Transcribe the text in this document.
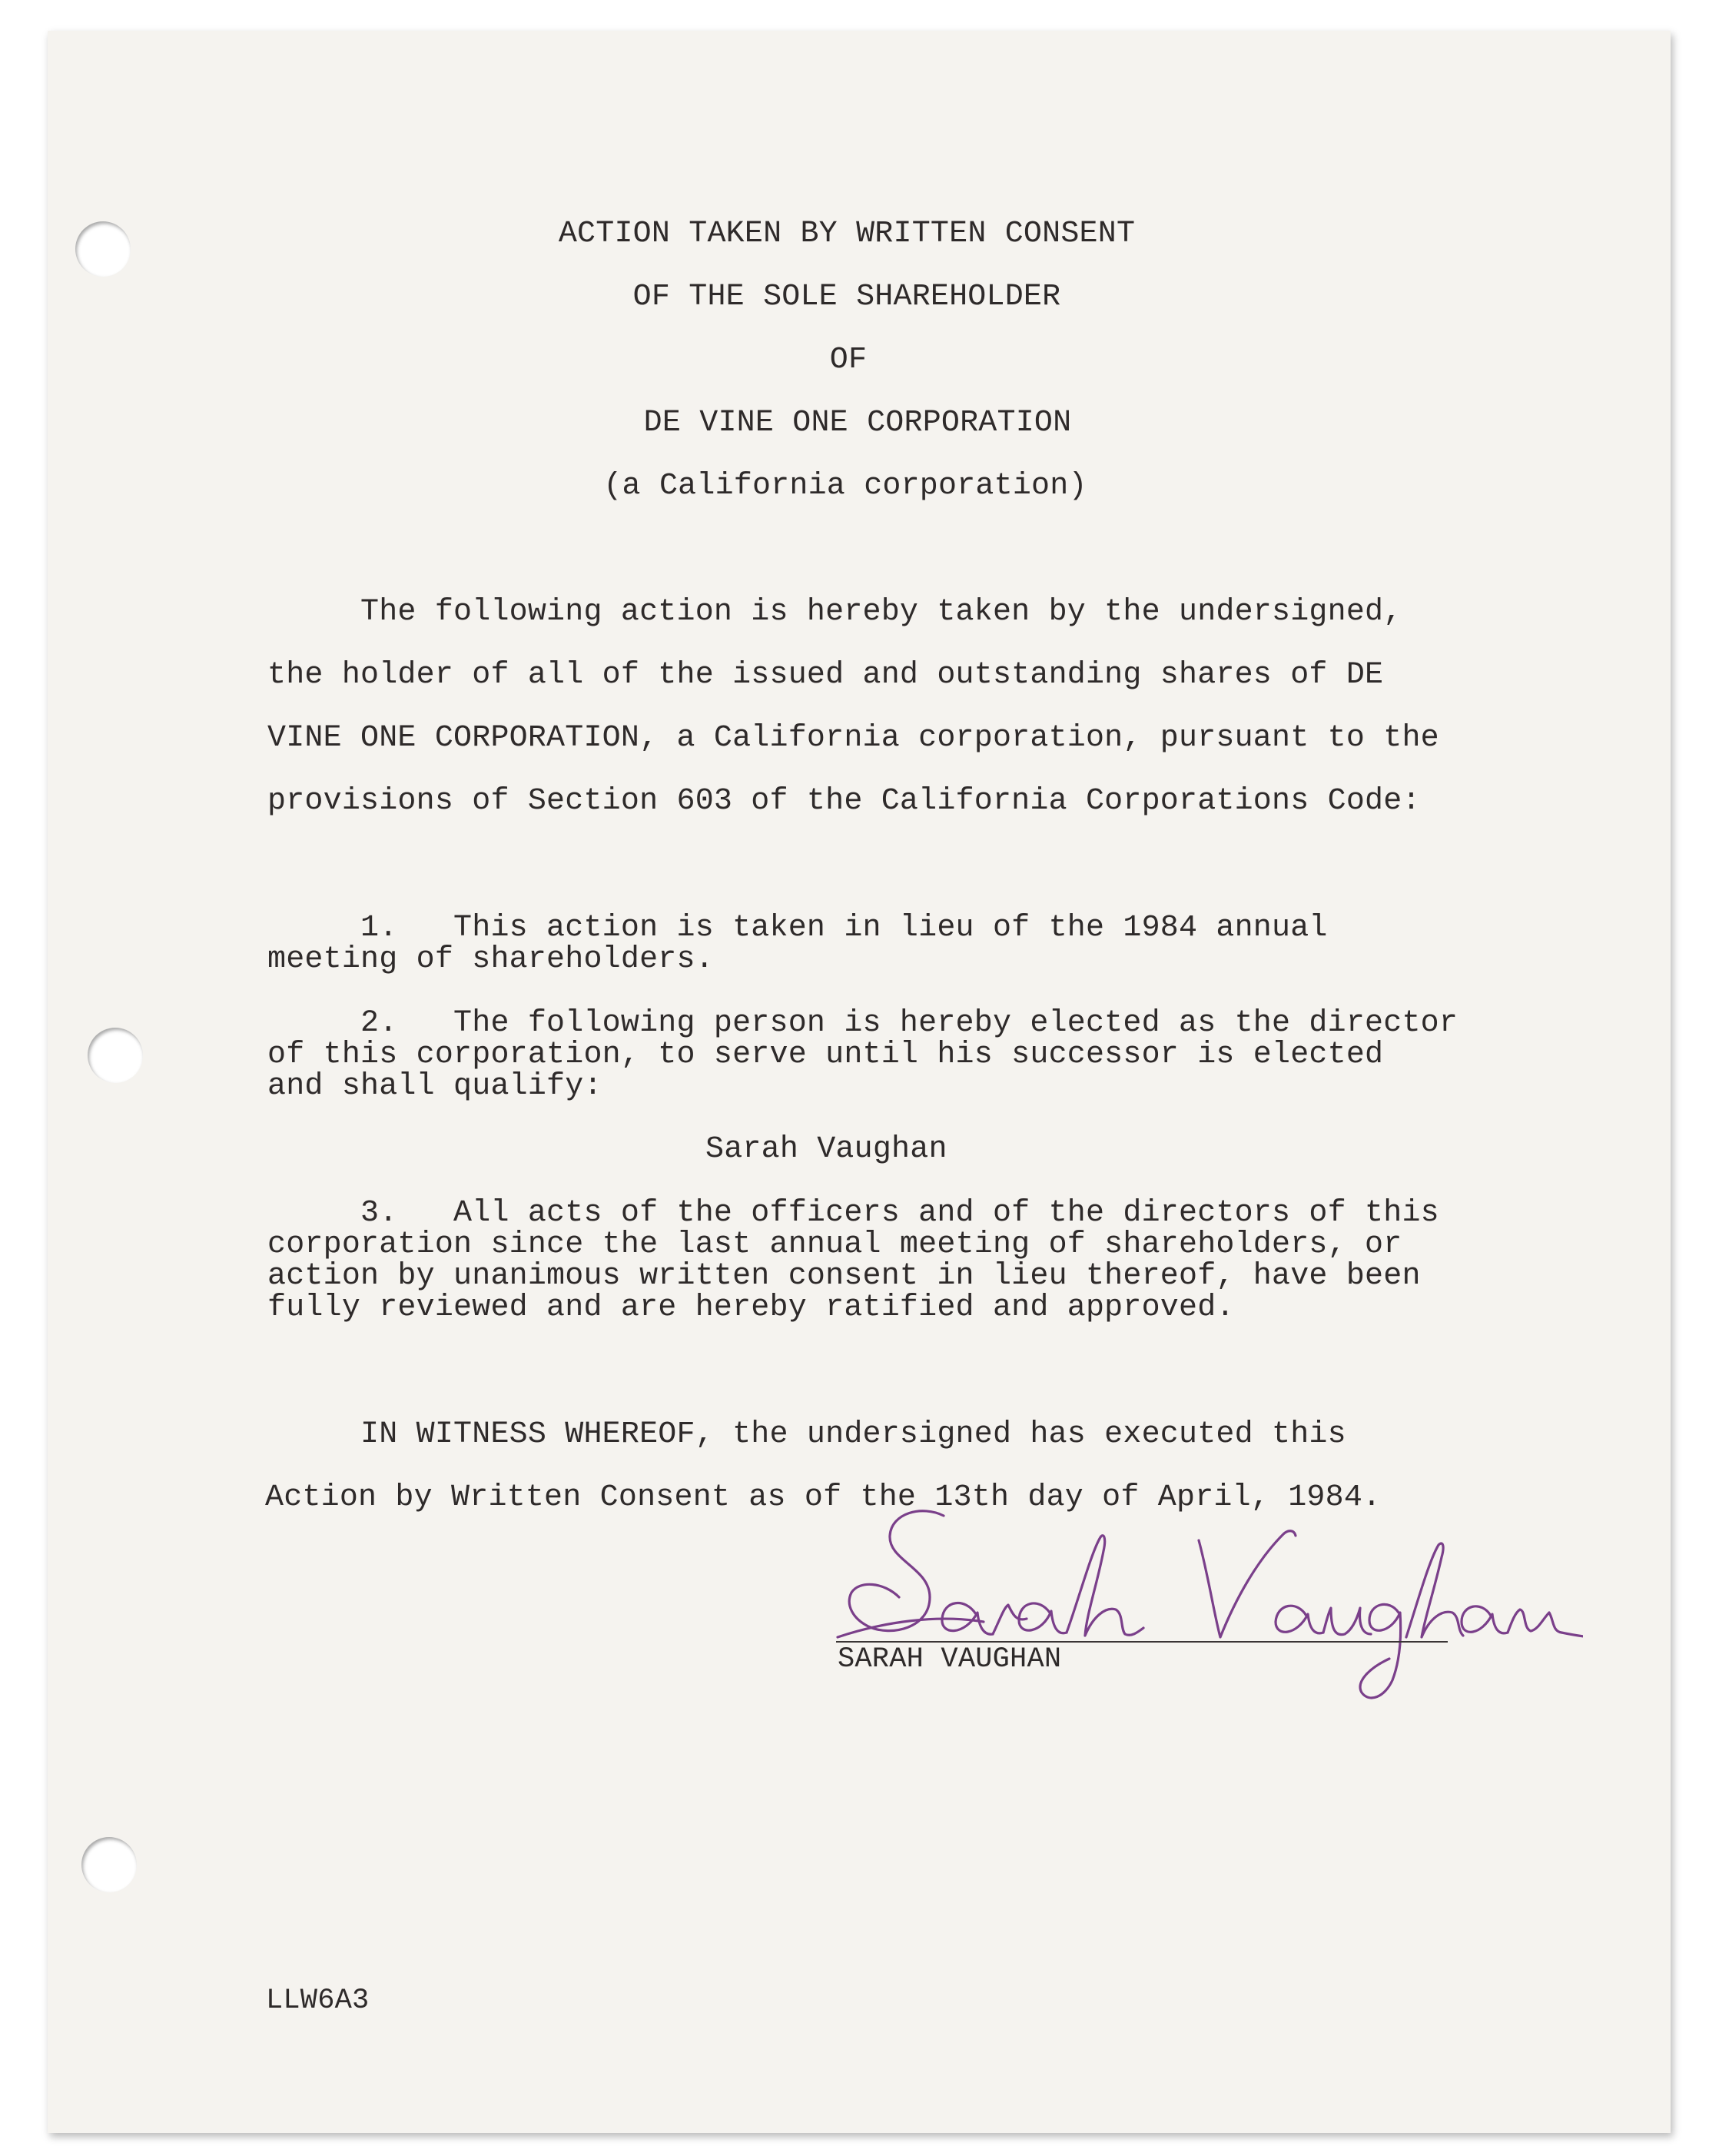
ACTION TAKEN BY WRITTEN CONSENT

OF THE SOLE SHAREHOLDER

OF

DE VINE ONE CORPORATION

(a California corporation)

The following action is hereby taken by the undersigned,

the holder of all of the issued and outstanding shares of DE

VINE ONE CORPORATION, a California corporation, pursuant to the

provisions of Section 603 of the California Corporations Code:

1.   This action is taken in lieu of the 1984 annual

meeting of shareholders.

2.   The following person is hereby elected as the director

of this corporation, to serve until his successor is elected

and shall qualify:

Sarah Vaughan

3.   All acts of the officers and of the directors of this

corporation since the last annual meeting of shareholders, or

action by unanimous written consent in lieu thereof, have been

fully reviewed and are hereby ratified and approved.

IN WITNESS WHEREOF, the undersigned has executed this

Action by Written Consent as of the 13th day of April, 1984.

SARAH VAUGHAN

LLW6A3
